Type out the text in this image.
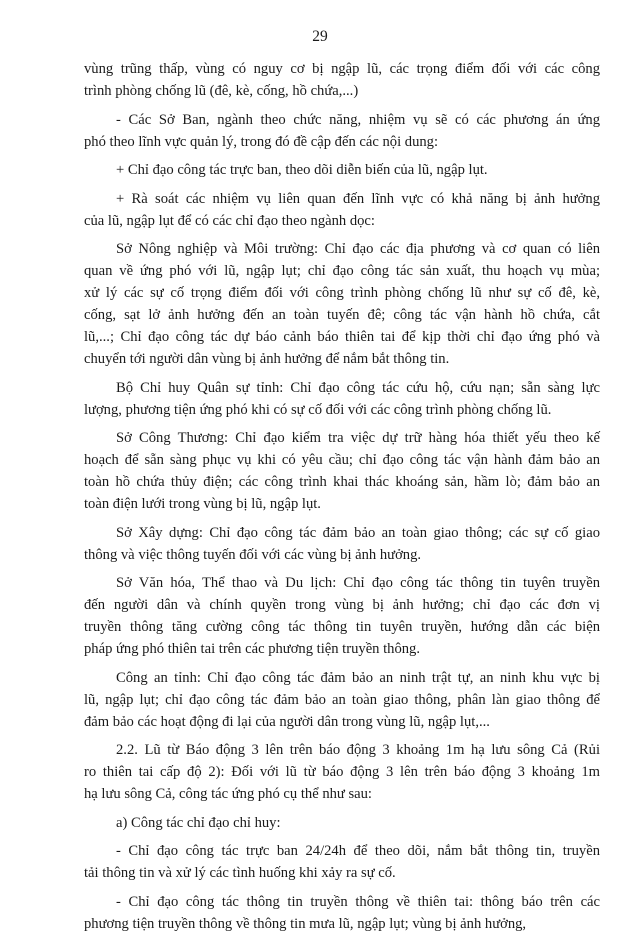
29

vùng trũng thấp, vùng có nguy cơ bị ngập lũ, các trọng điểm đối với các công
trình phòng chống lũ (đê, kè, cống, hồ chứa,...)

- Các Sở Ban, ngành theo chức năng, nhiệm vụ sẽ có các phương án ứng
phó theo lĩnh vực quản lý, trong đó đề cập đến các nội dung:

+ Chỉ đạo công tác trực ban, theo dõi diễn biến của lũ, ngập lụt.

+ Rà soát các nhiệm vụ liên quan đến lĩnh vực có khả năng bị ảnh hưởng
của lũ, ngập lụt để có các chỉ đạo theo ngành dọc:

Sở Nông nghiệp và Môi trường: Chỉ đạo các địa phương và cơ quan có liên
quan về ứng phó với lũ, ngập lụt; chỉ đạo công tác sản xuất, thu hoạch vụ mùa;
xử lý các sự cố trọng điểm đối với công trình phòng chống lũ như sự cố đê, kè,
cống, sạt lở ảnh hưởng đến an toàn tuyến đê; công tác vận hành hồ chứa, cắt
lũ,...; Chỉ đạo công tác dự báo cảnh báo thiên tai để kịp thời chỉ đạo ứng phó và
chuyển tới người dân vùng bị ảnh hưởng để nắm bắt thông tin.

Bộ Chỉ huy Quân sự tỉnh: Chỉ đạo công tác cứu hộ, cứu nạn; sẵn sàng lực
lượng, phương tiện ứng phó khi có sự cố đối với các công trình phòng chống lũ.

Sở Công Thương: Chỉ đạo kiểm tra việc dự trữ hàng hóa thiết yếu theo kế
hoạch để sẵn sàng phục vụ khi có yêu cầu; chỉ đạo công tác vận hành đảm bảo an
toàn hồ chứa thủy điện; các công trình khai thác khoáng sản, hầm lò; đảm bảo an
toàn điện lưới trong vùng bị lũ, ngập lụt.

Sở Xây dựng: Chỉ đạo công tác đảm bảo an toàn giao thông; các sự cố giao
thông và việc thông tuyến đối với các vùng bị ảnh hưởng.

Sở Văn hóa, Thể thao và Du lịch: Chỉ đạo công tác thông tin tuyên truyền
đến người dân và chính quyền trong vùng bị ảnh hưởng; chỉ đạo các đơn vị
truyền thông tăng cường công tác thông tin tuyên truyền, hướng dẫn các biện
pháp ứng phó thiên tai trên các phương tiện truyền thông.

Công an tỉnh: Chỉ đạo công tác đảm bảo an ninh trật tự, an ninh khu vực bị
lũ, ngập lụt; chỉ đạo công tác đảm bảo an toàn giao thông, phân làn giao thông để
đảm bảo các hoạt động đi lại của người dân trong vùng lũ, ngập lụt,...

2.2. Lũ từ Báo động 3 lên trên báo động 3 khoảng 1m hạ lưu sông Cả (Rủi
ro thiên tai cấp độ 2): Đối với lũ từ báo động 3 lên trên báo động 3 khoảng 1m
hạ lưu sông Cả, công tác ứng phó cụ thể như sau:

a) Công tác chỉ đạo chỉ huy:

- Chỉ đạo công tác trực ban 24/24h để theo dõi, nắm bắt thông tin, truyền
tải thông tin và xử lý các tình huống khi xảy ra sự cố.

- Chỉ đạo công tác thông tin truyền thông về thiên tai: thông báo trên các
phương tiện truyền thông về thông tin mưa lũ, ngập lụt; vùng bị ảnh hưởng,
